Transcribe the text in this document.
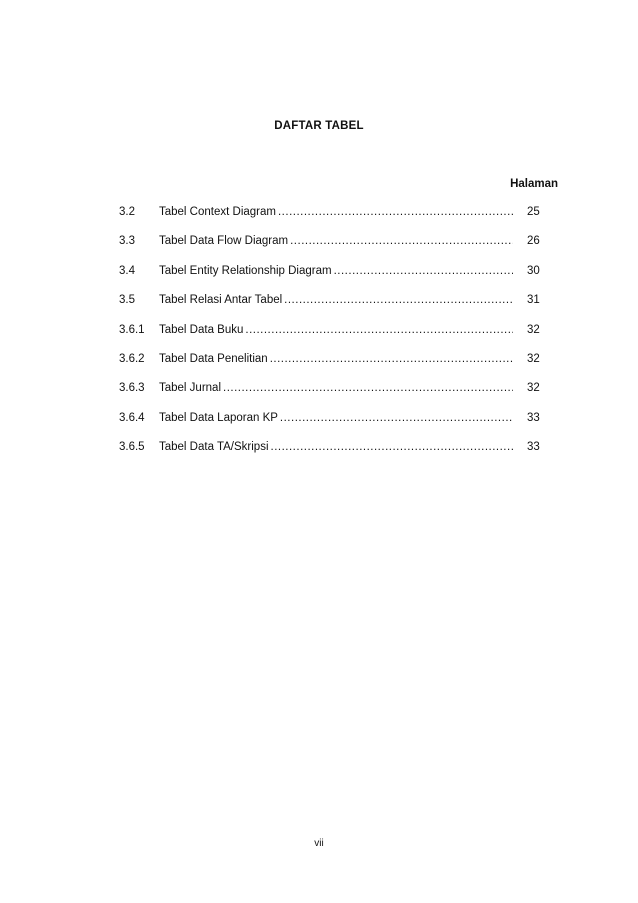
DAFTAR TABEL
Halaman
3.2	Tabel Context Diagram .....	25
3.3	Tabel Data Flow Diagram .....	26
3.4	Tabel Entity Relationship Diagram .....	30
3.5	Tabel Relasi Antar Tabel .....	31
3.6.1	Tabel Data Buku .....	32
3.6.2	Tabel Data Penelitian .....	32
3.6.3	Tabel Jurnal .....	32
3.6.4	Tabel Data Laporan KP .....	33
3.6.5	Tabel Data TA/Skripsi .....	33
vii
